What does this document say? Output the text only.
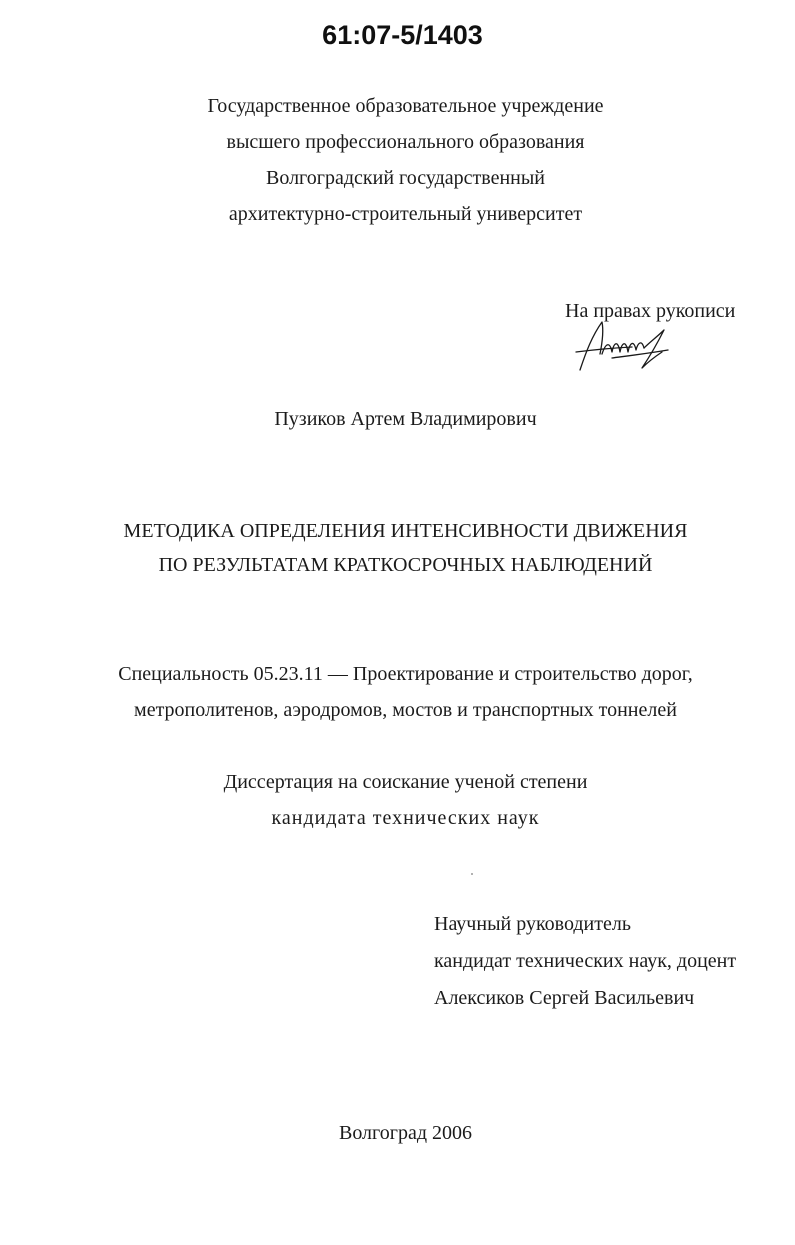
61:07-5/1403
Государственное образовательное учреждение
высшего профессионального образования
Волгоградский государственный
архитектурно-строительный университет
На правах рукописи
Пузиков Артем Владимирович
МЕТОДИКА ОПРЕДЕЛЕНИЯ ИНТЕНСИВНОСТИ ДВИЖЕНИЯ
ПО РЕЗУЛЬТАТАМ КРАТКОСРОЧНЫХ НАБЛЮДЕНИЙ
Специальность 05.23.11 — Проектирование и строительство дорог,
метрополитенов, аэродромов, мостов и транспортных тоннелей
Диссертация на соискание ученой степени
кандидата технических наук
Научный руководитель
кандидат технических наук, доцент
Алексиков Сергей Васильевич
Волгоград 2006
